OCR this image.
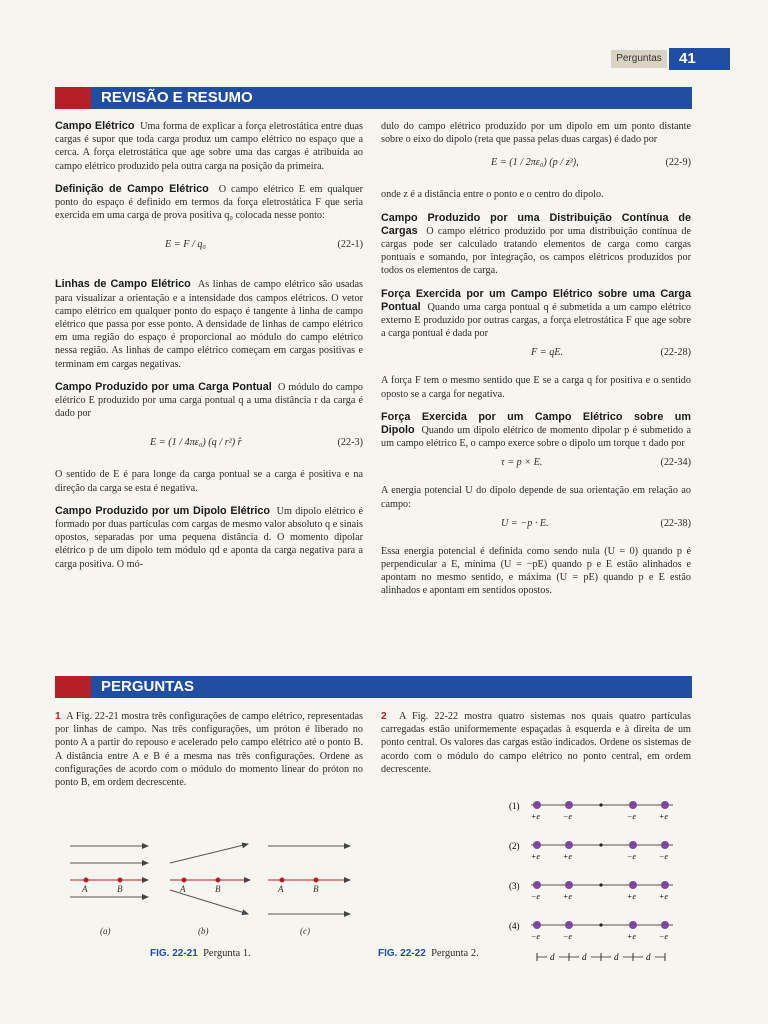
Perguntas	41
REVISÃO E RESUMO

Campo Elétrico Uma forma de explicar a força eletrostática entre duas cargas é supor que toda carga produz um campo elétrico no espaço que a cerca. A força eletrostática que age sobre uma das cargas é atribuída ao campo elétrico produzido pela outra carga na posição da primeira.

Definição de Campo Elétrico O campo elétrico E em qualquer ponto do espaço é definido em termos da força eletrostática F que seria exercida em uma carga de prova positiva q₀ colocada nesse ponto:

E = F / q₀	(22-1)

Linhas de Campo Elétrico As linhas de campo elétrico são usadas para visualizar a orientação e a intensidade dos campos elétricos. O vetor campo elétrico em qualquer ponto do espaço é tangente à linha de campo elétrico que passa por esse ponto. A densidade de linhas de campo elétrico em uma região do espaço é proporcional ao módulo do campo elétrico nessa região. As linhas de campo elétrico começam em cargas positivas e terminam em cargas negativas.

Campo Produzido por uma Carga Pontual O módulo do campo elétrico E produzido por uma carga pontual q a uma distância r da carga é dado por

E = (1 / 4πε₀) (q / r²) r̂	(22-3)

O sentido de E é para longe da carga pontual se a carga é positiva e na direção da carga se esta é negativa.

Campo Produzido por um Dipolo Elétrico Um dipolo elétrico é formado por duas partículas com cargas de mesmo valor absoluto q e sinais opostos, separadas por uma pequena distância d. O momento dipolar elétrico p de um dipolo tem módulo qd e aponta da carga negativa para a carga positiva. O mó-

dulo do campo elétrico produzido por um dipolo em um ponto distante sobre o eixo do dipolo (reta que passa pelas duas cargas) é dado por

E = (1 / 2πε₀) (p / z³),	(22-9)

onde z é a distância entre o ponto e o centro do dipolo.

Campo Produzido por uma Distribuição Contínua de Cargas O campo elétrico produzido por uma distribuição contínua de cargas pode ser calculado tratando elementos de carga como cargas pontuais e somando, por integração, os campos elétricos produzidos por todos os elementos de carga.

Força Exercida por um Campo Elétrico sobre uma Carga Pontual Quando uma carga pontual q é submetida a um campo elétrico externo E produzido por outras cargas, a força eletrostática F que age sobre a carga pontual é dada por

F = qE.	(22-28)

A força F tem o mesmo sentido que E se a carga q for positiva e o sentido oposto se a carga for negativa.

Força Exercida por um Campo Elétrico sobre um Dipolo Quando um dipolo elétrico de momento dipolar p é submetido a um campo elétrico E, o campo exerce sobre o dipolo um torque τ dado por

τ = p × E.	(22-34)

A energia potencial U do dipolo depende de sua orientação em relação ao campo:

U = −p · E.	(22-38)

Essa energia potencial é definida como sendo nula (U = 0) quando p é perpendicular a E, mínima (U = −pE) quando p e E estão alinhados e apontam no mesmo sentido, e máxima (U = pE) quando p e E estão alinhados e apontam em sentidos opostos.

PERGUNTAS
1 A Fig. 22-21 mostra três configurações de campo elétrico, representadas por linhas de campo. Nas três configurações, um próton é liberado no ponto A a partir do repouso e acelerado pelo campo elétrico até o ponto B. A distância entre A e B é a mesma nas três configurações. Ordene as configurações de acordo com o módulo do momento linear do próton no ponto B, em ordem decrescente.
2 A Fig. 22-22 mostra quatro sistemas nos quais quatro partículas carregadas estão uniformemente espaçadas à esquerda e à direita de um ponto central. Os valores das cargas estão indicados. Ordene os sistemas de acordo com o módulo do campo elétrico no ponto central, em ordem decrescente.
A	B	A	B	A	B
(a)	(b)	(c)
FIG. 22-21 Pergunta 1.
(1)
+e	−e	−e	+e
(2)
+e	+e	−e	−e
(3)
−e	+e	+e	+e
(4)
−e	−e	+e	−e
d	d	d	d
FIG. 22-22 Pergunta 2.
